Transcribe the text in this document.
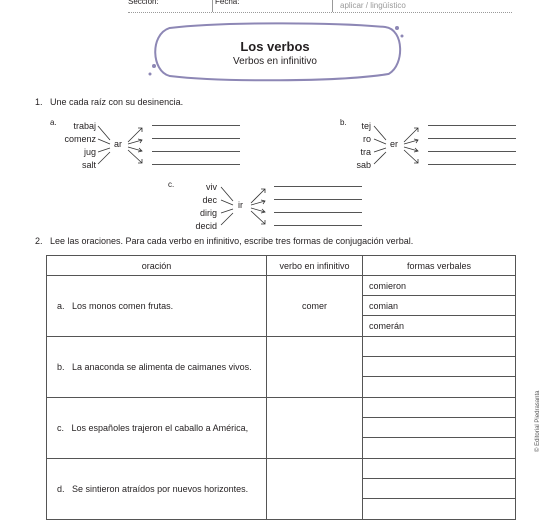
Sección:	Fecha:	aplicar / lingüístico
Los verbos
Verbos en infinitivo
1. Une cada raíz con su desinencia.
a.	trabaj
comenz
jug
salt
ar
b.	tej
ro
tra
sab
er
c.	viv
dec
dirig
decid
ir
2. Lee las oraciones. Para cada verbo en infinitivo, escribe tres formas de conjugación verbal.
oración	verbo en infinitivo	formas verbales
a. Los monos comen frutas.	comer	comieron
comian
comerán

b. La anaconda se alimenta de caimanes vivos.		

c. Los españoles trajeron el caballo a América,		

d. Se sintieron atraídos por nuevos horizontes.		
© Editorial Piedrasanta
